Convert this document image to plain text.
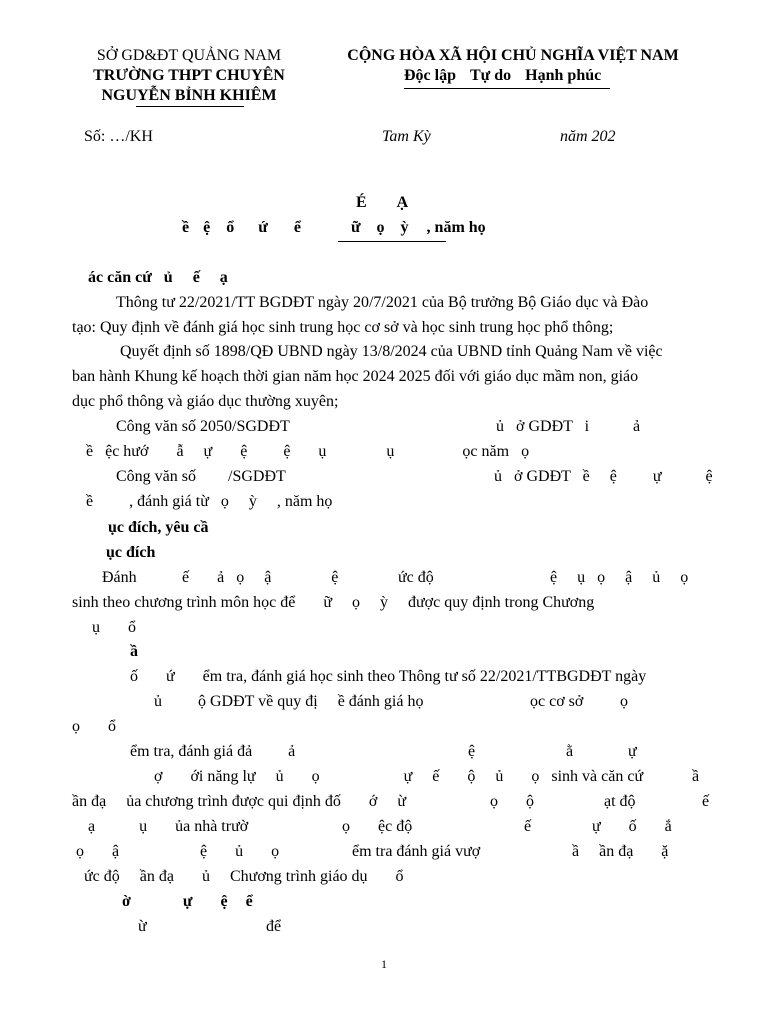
SỞ GD&ĐT QUẢNG NAM
TRƯỜNG THPT CHUYÊN
NGUYỄN BỈNH KHIÊM
CỘNG HÒA XÃ HỘI CHỦ NGHĨA VIỆT NAM
Độc lập Tự do Hạnh phúc
Số: …/KH	Tam Kỳ	năm 202
É Ạ
ề ệ ổ ứ ể	ữ ọ ỳ , năm họ
ác căn cứ   ủ     ế     ạ
Thông tư 22/2021/TT BGDĐT ngày 20/7/2021 của Bộ trưởng Bộ Giáo dục và Đào
tạo: Quy định về đánh giá học sinh trung học cơ sở và học sinh trung học phổ thông;
Quyết định số 1898/QĐ UBND ngày 13/8/2024 của UBND tỉnh Quảng Nam về việc
ban hành Khung kế hoạch thời gian năm học 2024 2025 đối với giáo dục mầm non, giáo
dục phổ thông và giáo dục thường xuyên;
Công văn số 2050/SGDĐT	ủ   ở GDĐT   i           ả
ề   ệc hướ       ẫ     ự       ệ         ệ       ụ               ụ                 ọc năm   ọ
Công văn số        /SGDĐT	ủ   ở GDĐT   ề     ệ         ự           ệ
ề         , đánh giá từ   ọ     ỳ     , năm họ
ục đích, yêu cầ
ục đích
Đánh	ế       ả   ọ     ậ               ệ	ức độ	ệ     ụ   ọ     ậ     ủ     ọ
sinh theo chương trình môn học để       ữ     ọ     ỳ     được quy định trong Chương
ụ       ổ
ầ
ố       ứ       ểm tra, đánh giá học sinh theo Thông tư số 22/2021/TTBGDĐT ngày
ủ         ộ GDĐT về quy đị     ề đánh giá họ	ọc cơ sở ọ
ọ       ổ
ểm tra, đánh giá đả         ả	ệ	ằ	ự
ợ       ới năng lự     ủ       ọ                     ự     ế       ộ     ủ       ọ   sinh và căn cứ	ầ
ần đạ     ủa chương trình được qui định đố       ớ     ừ                     ọ       ộ	ạt độ	ế
ạ           ụ       ủa nhà trườ	ọ       ệc độ	ế	ự       ố       ắ
ọ       ậ	ệ       ủ       ọ	ểm tra đánh giá vượ	ầ     ần đạ       ặ
ức độ     ần đạ       ủ     Chương trình giáo dụ       ổ
ờ	ự       ệ ể
ừ	để
1
